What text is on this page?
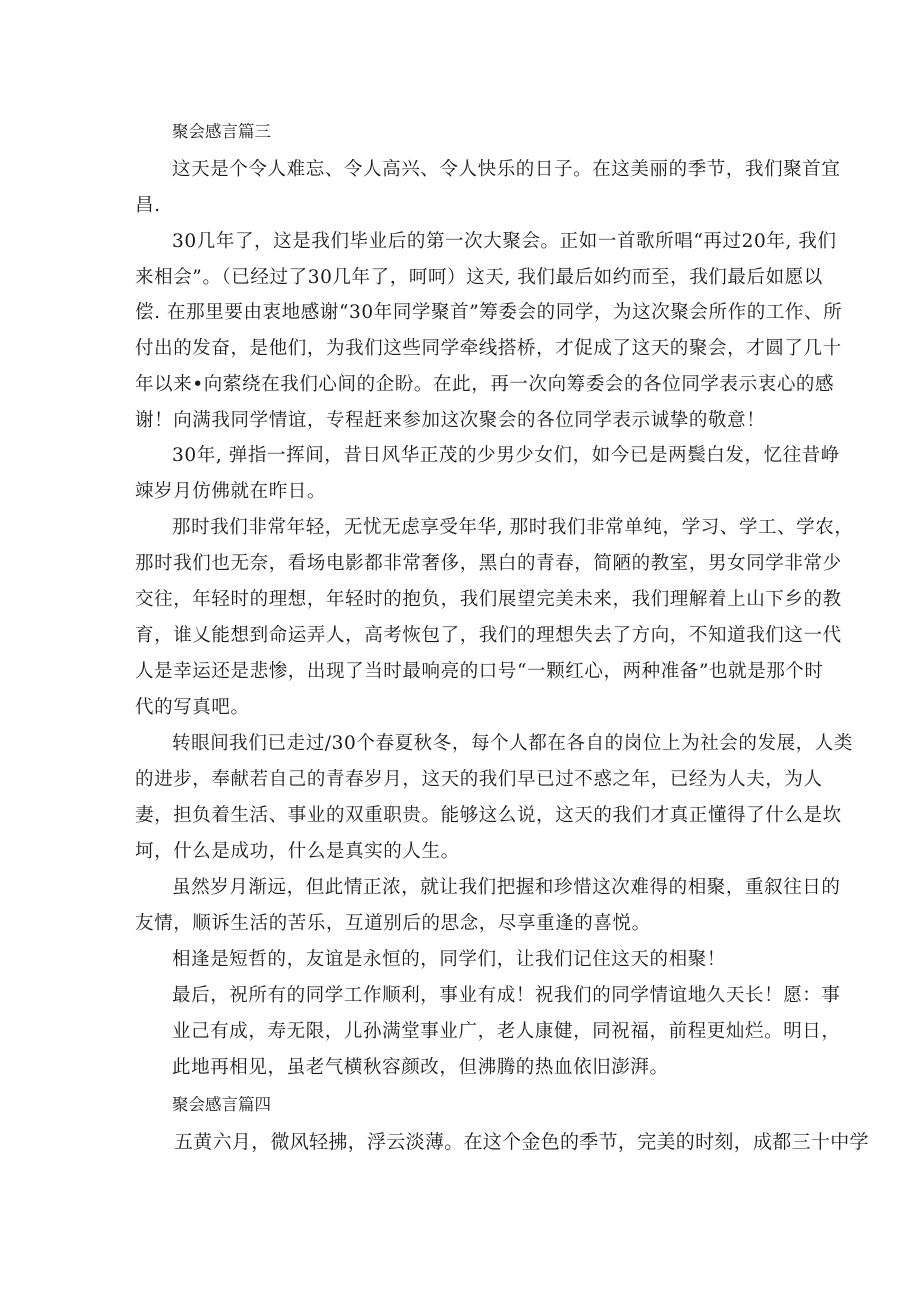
聚会感言篇三
这天是个令人难忘、令人高兴、令人快乐的日子。在这美丽的季节，我们聚首宜
昌.
30几年了，这是我们毕业后的第一次大聚会。正如一首歌所唱“再过20年, 我们
来相会”。（已经过了30几年了，呵呵）这天, 我们最后如约而至，我们最后如愿以
偿. 在那里要由衷地感谢“30年同学聚首”筹委会的同学，为这次聚会所作的工作、所
付出的发奋，是他们，为我们这些同学牵线搭桥，才促成了这天的聚会，才圆了几十
年以来•向萦绕在我们心间的企盼。在此，再一次向筹委会的各位同学表示衷心的感
谢！向满我同学情谊，专程赶来参加这次聚会的各位同学表示诚挚的敬意！
30年, 弹指一挥间，昔日风华正茂的少男少女们，如今已是两鬓白发，忆往昔峥
竦岁月仿佛就在昨日。
那时我们非常年轻，无忧无虑享受年华, 那时我们非常单纯，学习、学工、学农，
那时我们也无奈，看场电影都非常奢侈，黑白的青春，简陋的教室，男女同学非常少
交往，年轻时的理想，年轻时的抱负，我们展望完美未来，我们理解着上山下乡的教
育，谁乂能想到命运弄人，高考恢包了，我们的理想失去了方向，不知道我们这一代
人是幸运还是悲惨，出现了当时最响亮的口号“一颗红心，两种准备”也就是那个时
代的写真吧。
转眼间我们已走过/30个春夏秋冬，每个人都在各自的岗位上为社会的发展，人类
的进步，奉献若自己的青春岁月，这天的我们早已过不惑之年，已经为人夫，为人
妻，担负着生活、事业的双重职贵。能够这么说，这天的我们才真正懂得了什么是坎
坷，什么是成功，什么是真实的人生。
虽然岁月渐远，但此情正浓，就让我们把握和珍惜这次难得的相聚，重叙往日的
友情，顺诉生活的苦乐，互道别后的思念，尽享重逢的喜悦。
相逢是短哲的，友谊是永恒的，同学们，让我们记住这天的相聚！
最后，祝所有的同学工作顺利，事业有成！祝我们的同学情谊地久天长！愿：事
业己有成，寿无限，儿孙满堂事业广，老人康健，同祝福，前程更灿烂。明日，
此地再相见，虽老气横秋容颜改，但沸腾的热血依旧澎湃。
聚会感言篇四
五黄六月，微风轻拂，浮云淡薄。在这个金色的季节，完美的时刻，成都三十中学
